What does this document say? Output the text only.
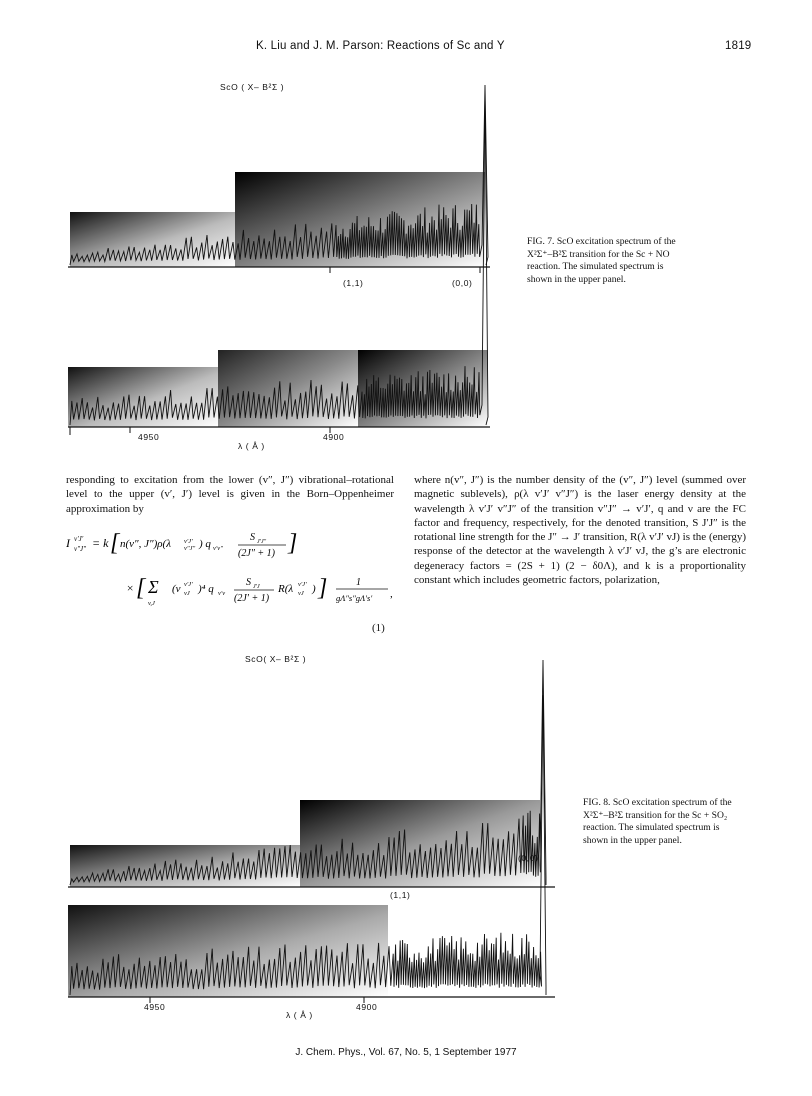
K. Liu and J. M. Parson: Reactions of Sc and Y	1819
ScO ( X– B²Σ )
(1,1)	(0,0)
4950	4900
λ ( Å )
FIG. 7. ScO excitation spectrum of the X²Σ⁺–B²Σ transition for the Sc + NO reaction. The simulated spectrum is shown in the upper panel.
responding to excitation from the lower (v″, J″) vibrational–rotational level to the upper (v′, J′) level is given in the Born–Oppenheimer approximation by
I v′J′
v″J″ = k [ n(v″, J″)ρ(λ v′J′
v″J″ ) q v′v″
S J′J″
(2J″ + 1) ]
× [ Σ
v,J
(ν v′J′
vJ )⁴ q v′v
S J′J
(2J′ + 1)
R(λ v′J′
vJ ) ]	1
gΛ″s″gΛ′s′ ,
(1)
where n(v″, J″) is the number density of the (v″, J″) level (summed over magnetic sublevels), ρ(λ v′J′ v″J″) is the laser energy density at the wavelength λ v′J′ v″J″ of the transition v″J″ → v′J′, q and ν are the FC factor and frequency, respectively, for the denoted transition, S J′J″ is the rotational line strength for the J″ → J′ transition, R(λ v′J′ vJ) is the (energy) response of the detector at the wavelength λ v′J′ vJ, the g’s are electronic degeneracy factors = (2S + 1) (2 − δ0Λ), and k is a proportionality constant which includes geometric factors, polarization,
ScO( X– B²Σ )
(0,0)
(1,1)
4950	4900
λ ( Å )
FIG. 8. ScO excitation spectrum of the X²Σ⁺–B²Σ transition for the Sc + SO₂ reaction. The simulated spectrum is shown in the upper panel.
J. Chem. Phys., Vol. 67, No. 5, 1 September 1977
